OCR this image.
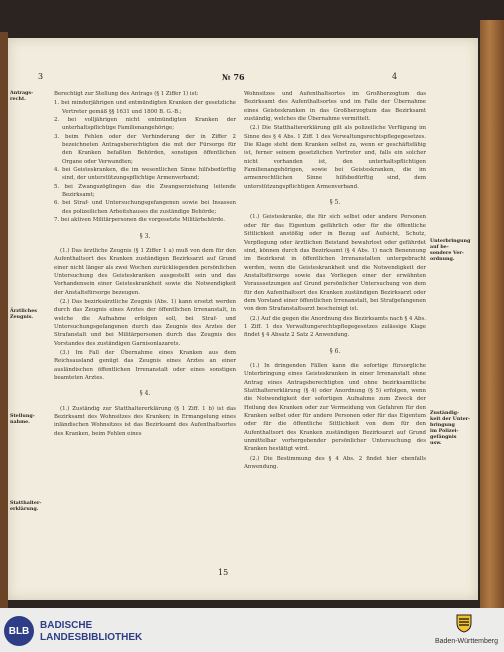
3	№ 76	4
Antrags-
recht.
Ärztliches
Zeugnis.
Stellung-
nahme.
Statthalter-
erklärung.

Berechtigt zur Stellung des Antrags (§ 1 Ziffer 1) ist:

1. bei minderjährigen und entmündigten Kranken der gesetzliche Vertreter gemäß §§ 1631 und 1800 B. G.-B.;

2. bei volljährigen nicht entmündigten Kranken der unterhaltspflichtige Familienangehörige;

3. beim Fehlen oder der Verhinderung der in Ziffer 2 bezeichneten Antragsberechtigten die mit der Fürsorge für den Kranken befaßten Behörden, sonstigen öffentlichen Organe oder Verwandten;

4. bei Geisteskranken, die im wesentlichen Sinne hilfsbedürftig sind, der unterstützungspflichtige Armenverband;

5. bei Zwangszöglingen das die Zwangserziehung leitende Bezirksamt;

6. bei Straf- und Untersuchungsgefangenen sowie bei Insassen des polizeilichen Arbeitshauses die zuständige Behörde;

7. bei aktiven Militärpersonen die vorgesetzte Militärbehörde.

§ 3.

(1.) Das ärztliche Zeugnis (§ 1 Ziffer 1 a) muß von dem für den Aufenthaltsort des Kranken zuständigen Bezirksarzt auf Grund einer nicht länger als zwei Wochen zurückliegenden persönlichen Untersuchung des Geisteskranken ausgestellt sein und das Vorhandensein einer Geisteskrankheit sowie die Notwendigkeit der Anstaltsfürsorge bezeugen.

(2.) Das bezirksärztliche Zeugnis (Abs. 1) kann ersetzt werden durch das Zeugnis eines Arztes der öffentlichen Irrenanstalt, in welche die Aufnahme erfolgen soll, bei Straf- und Untersuchungsgefangenen durch das Zeugnis des Arztes der Strafanstalt und bei Militärpersonen durch das Zeugnis des Vorstandes des zuständigen Garnisonlazarets.

(3.) Im Fall der Übernahme eines Kranken aus dem Reichsausland genügt das Zeugnis eines Arztes an einer ausländischen öffentlichen Irrenanstalt oder eines sonstigen beamteten Arztes.

§ 4.

(1.) Zuständig zur Statthaltererklärung (§ 1 Ziff. 1 b) ist das Bezirksamt des Wohnsitzes des Kranken; in Ermangelung eines inländischen Wohnsitzes ist das Bezirksamt des Aufenthaltsortes des Kranken, beim Fehlen eines

Wohnsitzes und Aufenthaltsortes im Großherzogtum das Bezirksamt des Aufenthaltsortes und im Falle der Übernahme eines Geisteskranken in das Großherzogtum das Bezirksamt zuständig, welches die Übernahme vermittelt.

(2.) Die Statthaltererklärung gilt als polizeiliche Verfügung im Sinne des § 4 Abs. 1 Ziff. 1 des Verwaltungsrechtspflegegesetzes. Die Klage steht dem Kranken selbst zu, wenn er geschäftsfähig ist, ferner seinem gesetzlichen Vertreter und, falls ein solcher nicht vorhanden ist, den unterhaltspflichtigen Familienangehörigen, sowie bei Geisteskranken, die im armenrechtlichen Sinne hilfsbedürftig sind, dem unterstützungspflichtigen Armenverband.

§ 5.

(1.) Geisteskranke, die für sich selbst oder andere Personen oder für das Eigentum gefährlich oder für die öffentliche Sittlichkeit anstößig oder in Bezug auf Aufsicht, Schutz, Verpflegung oder ärztlichen Beistand bewahrlost oder gefährdet sind, können durch das Bezirksamt (§ 4 Abs. 1) nach Benennung im Bezirksrat in öffentlichen Irrenanstalten untergebracht werden, wenn die Geisteskrankheit und die Notwendigkeit der Anstaltsfürsorge sowie das Vorliegen einer der erwähnten Voraussetzungen auf Grund persönlicher Untersuchung von dem für den Aufenthaltsort des Kranken zuständigen Bezirksarzt oder dem Vorstand einer öffentlichen Irrenanstalt, bei Strafgefangenen von dem Strafanstaltsarzt bescheinigt ist.

(2.) Auf die gegen die Anordnung des Bezirksamts nach § 4 Abs. 1 Ziff. 1 des Verwaltungsrechtspflegegesetzes zulässige Klage findet § 4 Absatz 2 Satz 2 Anwendung.

§ 6.

(1.) In dringenden Fällen kann die sofortige fürsorgliche Unterbringung eines Geisteskranken in einer Irrenanstalt ohne Antrag eines Antragsberechtigten und ohne bezirksamtliche Statthaltererklärung (§ 4) oder Anordnung (§ 5) erfolgen, wenn die Notwendigkeit der sofortigen Aufnahme zum Zweck der Heilung des Kranken oder zur Vermeidung von Gefahren für den Kranken selbst oder für andere Personen oder für das Eigentum oder für die öffentliche Sittlichkeit von dem für den Aufenthaltsort des Kranken zuständigen Bezirksarzt auf Grund unmittelbar vorhergehender persönlicher Untersuchung des Kranken bestätigt wird.

(2.) Die Bestimmung des § 4 Abs. 2 findet hier ebenfalls Anwendung.

Unterbringung auf be-
sondere Ver-
ordnung.
Zuständig-
keit der Unter-
bringung
im Polizei-
gefängnis
usw.
15
BLB	BADISCHE
LANDESBIBLIOTHEK	Baden-Württemberg
